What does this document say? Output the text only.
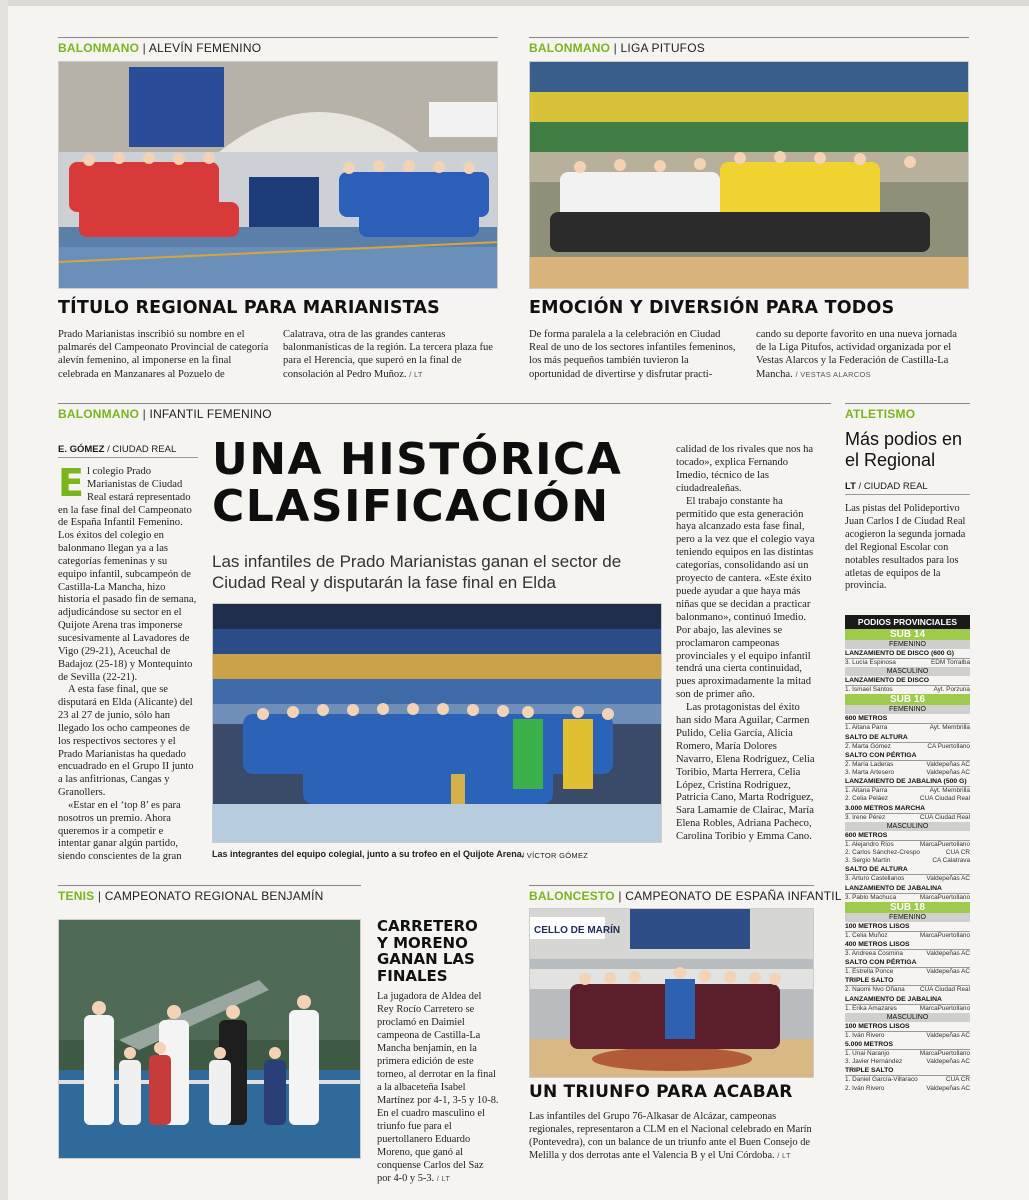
BALONMANO | ALEVÍN FEMENINO
TÍTULO REGIONAL PARA MARIANISTAS
Prado Marianistas inscribió su nombre en el palmarés del Campeonato Provincial de categoría alevín femenino, al imponerse en la final celebrada en Manzanares al Pozuelo de
Calatrava, otra de las grandes canteras balonmanísticas de la región. La tercera plaza fue para el Herencia, que superó en la final de consolación al Pedro Muñoz. / LT
BALONMANO | LIGA PITUFOS
EMOCIÓN Y DIVERSIÓN PARA TODOS
De forma paralela a la celebración en Ciudad Real de uno de los sectores infantiles femeninos, los más pequeños también tuvieron la oportunidad de divertirse y disfrutar practi-
cando su deporte favorito en una nueva jornada de la Liga Pitufos, actividad organizada por el Vestas Alarcos y la Federación de Castilla-La Mancha. / VESTAS ALARCOS
BALONMANO | INFANTIL FEMENINO
E. GÓMEZ / CIUDAD REAL
El colegio Prado Marianistas de Ciudad Real estará representado en la fase final del Campeonato de España Infantil Femenino. Los éxitos del colegio en balonmano llegan ya a las categorías femeninas y su equipo infantil, subcampeón de Castilla-La Mancha, hizo historia el pasado fin de semana, adjudicándose su sector en el Quijote Arena tras imponerse sucesivamente al Lavadores de Vigo (29-21), Aceuchal de Badajoz (25-18) y Montequinto de Sevilla (22-21).
A esta fase final, que se disputará en Elda (Alicante) del 23 al 27 de junio, sólo han llegado los ocho campeones de los respectivos sectores y el Prado Marianistas ha quedado encuadrado en el Grupo II junto a las anfitrionas, Cangas y Granollers.
«Estar en el ‘top 8’ es para nosotros un premio. Ahora queremos ir a competir e intentar ganar algún partido, siendo conscientes de la gran
UNA HISTÓRICA
CLASIFICACIÓN
Las infantiles de Prado Marianistas ganan el sector de Ciudad Real y disputarán la fase final en Elda
Las integrantes del equipo colegial, junto a su trofeo en el Quijote Arena.
/ VÍCTOR GÓMEZ
calidad de los rivales que nos ha tocado», explica Fernando Imedio, técnico de las ciudadrealeñas.
El trabajo constante ha permitido que esta generación haya alcanzado esta fase final, pero a la vez que el colegio vaya teniendo equipos en las distintas categorías, consolidando así un proyecto de cantera. «Este éxito puede ayudar a que haya más niñas que se decidan a practicar balonmano», continuó Imedio. Por abajo, las alevines se proclamaron campeonas provinciales y el equipo infantil tendrá una cierta continuidad, pues aproximadamente la mitad son de primer año.
Las protagonistas del éxito han sido Mara Aguilar, Carmen Pulido, Celia García, Alicia Romero, María Dolores Navarro, Elena Rodríguez, Celia Toribio, Marta Herrera, Celia López, Cristina Rodríguez, Patricia Cano, Marta Rodríguez, Sara Lamamie de Clairac, María Elena Robles, Adriana Pacheco, Carolina Toribio y Emma Cano.
ATLETISMO
Más podios en el Regional
LT / CIUDAD REAL
Las pistas del Polideportivo Juan Carlos I de Ciudad Real acogieron la segunda jornada del Regional Escolar con notables resultados para los atletas de equipos de la provincia.
PODIOS PROVINCIALES
SUB 14
FEMENINO
LANZAMIENTO DE DISCO (600 G)
3. Lucía Espinosa	EDM Torralba
MASCULINO
LANZAMIENTO DE DISCO
1. Ismael Santos	Ayt. Porzuna
SUB 16
FEMENINO
600 METROS
1. Aitana Parra	Ayt. Membrilla
SALTO DE ALTURA
2. Marta Gómez	CA Puertollano
SALTO CON PÉRTIGA
2. María Laderas	Valdepeñas AC
3. Marta Artesero	Valdepeñas AC
LANZAMIENTO DE JABALINA (500 G)
1. Aitana Parra	Ayt. Membrilla
2. Celia Peláez	CUA Ciudad Real
3.000 METROS MARCHA
3. Irene Pérez	CUA Ciudad Real
MASCULINO
600 METROS
1. Alejandro Ríos	MarcaPuertollano
2. Carlos Sánchez-Crespo	CUA CR
3. Sergio Martín	CA Calatrava
SALTO DE ALTURA
3. Arturo Castellanos	Valdepeñas AC
LANZAMIENTO DE JABALINA
3. Pablo Machuca	MarcaPuertollano
SUB 18
FEMENINO
100 METROS LISOS
1. Celia Muñoz	MarcaPuertollano
400 METROS LISOS
3. Andreea Cosmina	Valdepeñas AC
SALTO CON PÉRTIGA
1. Estrella Ponce	Valdepeñas AC
TRIPLE SALTO
2. Naomi Nvo Oñana CUA Ciudad Real
LANZAMIENTO DE JABALINA
1. Erika Amazares	MarcaPuertollano
MASCULINO
100 METROS LISOS
1. Iván Rivero	Valdepeñas AC
5.000 METROS
1. Unai Naranjo	MarcaPuertollano
3. Javier Hernández	Valdepeñas AC
TRIPLE SALTO
1. Daniel García-Villaraco	CUA CR
2. Iván Rivero	Valdepeñas AC
TENIS | CAMPEONATO REGIONAL BENJAMÍN
CARRETERO
Y MORENO
GANAN LAS
FINALES
La jugadora de Aldea del Rey Rocío Carretero se proclamó en Daimiel campeona de Castilla-La Mancha benjamín, en la primera edición de este torneo, al derrotar en la final a la albaceteña Isabel Martínez por 4-1, 3-5 y 10-8. En el cuadro masculino el triunfo fue para el puertollanero Eduardo Moreno, que ganó al conquense Carlos del Saz por 4-0 y 5-3. / LT
BALONCESTO | CAMPEONATO DE ESPAÑA INFANTIL
CELLO DE MARÍN
UN TRIUNFO PARA ACABAR
Las infantiles del Grupo 76-Alkasar de Alcázar, campeonas regionales, representaron a CLM en el Nacional celebrado en Marín (Pontevedra), con un balance de un triunfo ante el Buen Consejo de Melilla y dos derrotas ante el Valencia B y el Uni Córdoba. / LT
